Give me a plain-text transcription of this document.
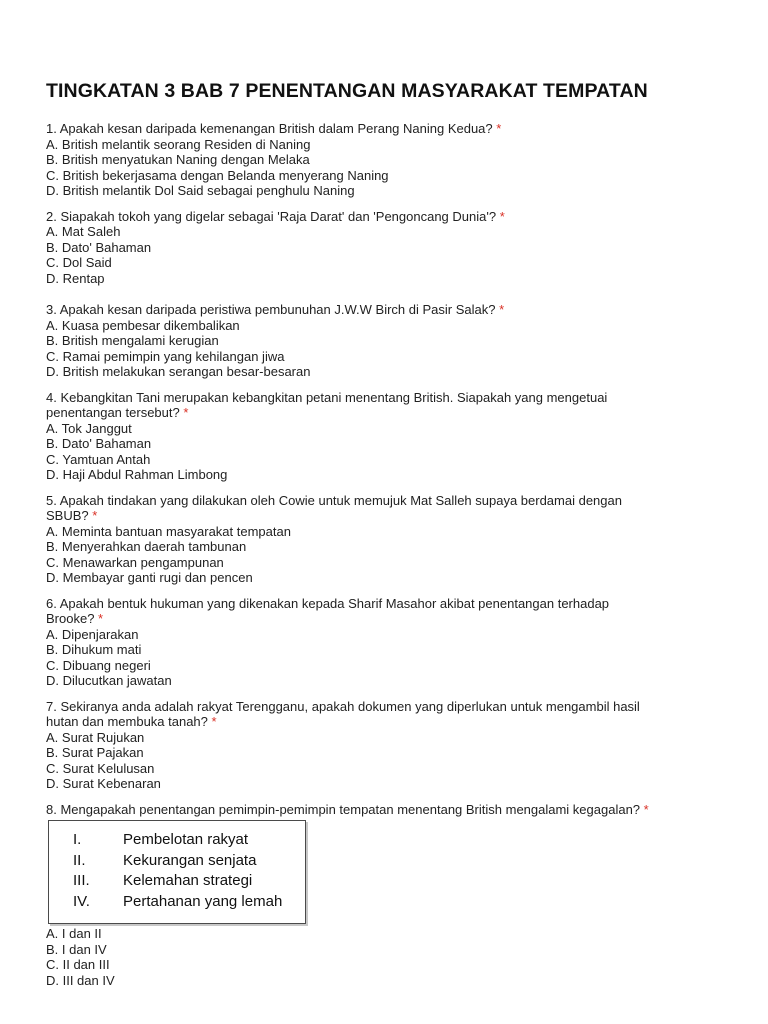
TINGKATAN 3 BAB 7 PENENTANGAN MASYARAKAT TEMPATAN
1. Apakah kesan daripada kemenangan British dalam Perang Naning Kedua? *
A. British melantik seorang Residen di Naning
B. British menyatukan Naning dengan Melaka
C. British bekerjasama dengan Belanda menyerang Naning
D. British melantik Dol Said sebagai penghulu Naning
2. Siapakah tokoh yang digelar sebagai 'Raja Darat' dan 'Pengoncang Dunia'? *
A. Mat Saleh
B. Dato' Bahaman
C. Dol Said
D. Rentap
3. Apakah kesan daripada peristiwa pembunuhan J.W.W Birch di Pasir Salak? *
A. Kuasa pembesar dikembalikan
B. British mengalami kerugian
C. Ramai pemimpin yang kehilangan jiwa
D. British melakukan serangan besar-besaran
4. Kebangkitan Tani merupakan kebangkitan petani menentang British. Siapakah yang mengetuai
penentangan tersebut? *
A. Tok Janggut
B. Dato' Bahaman
C. Yamtuan Antah
D. Haji Abdul Rahman Limbong
5. Apakah tindakan yang dilakukan oleh Cowie untuk memujuk Mat Salleh supaya berdamai dengan
SBUB? *
A. Meminta bantuan masyarakat tempatan
B. Menyerahkan daerah tambunan
C. Menawarkan pengampunan
D. Membayar ganti rugi dan pencen
6. Apakah bentuk hukuman yang dikenakan kepada Sharif Masahor akibat penentangan terhadap
Brooke? *
A. Dipenjarakan
B. Dihukum mati
C. Dibuang negeri
D. Dilucutkan jawatan
7. Sekiranya anda adalah rakyat Terengganu, apakah dokumen yang diperlukan untuk mengambil hasil
hutan dan membuka tanah? *
A. Surat Rujukan
B. Surat Pajakan
C. Surat Kelulusan
D. Surat Kebenaran
8. Mengapakah penentangan pemimpin-pemimpin tempatan menentang British mengalami kegagalan? *
I.	Pembelotan rakyat
II.	Kekurangan senjata
III.	Kelemahan strategi
IV.	Pertahanan yang lemah
A. I dan II
B. I dan IV
C. II dan III
D. III dan IV
